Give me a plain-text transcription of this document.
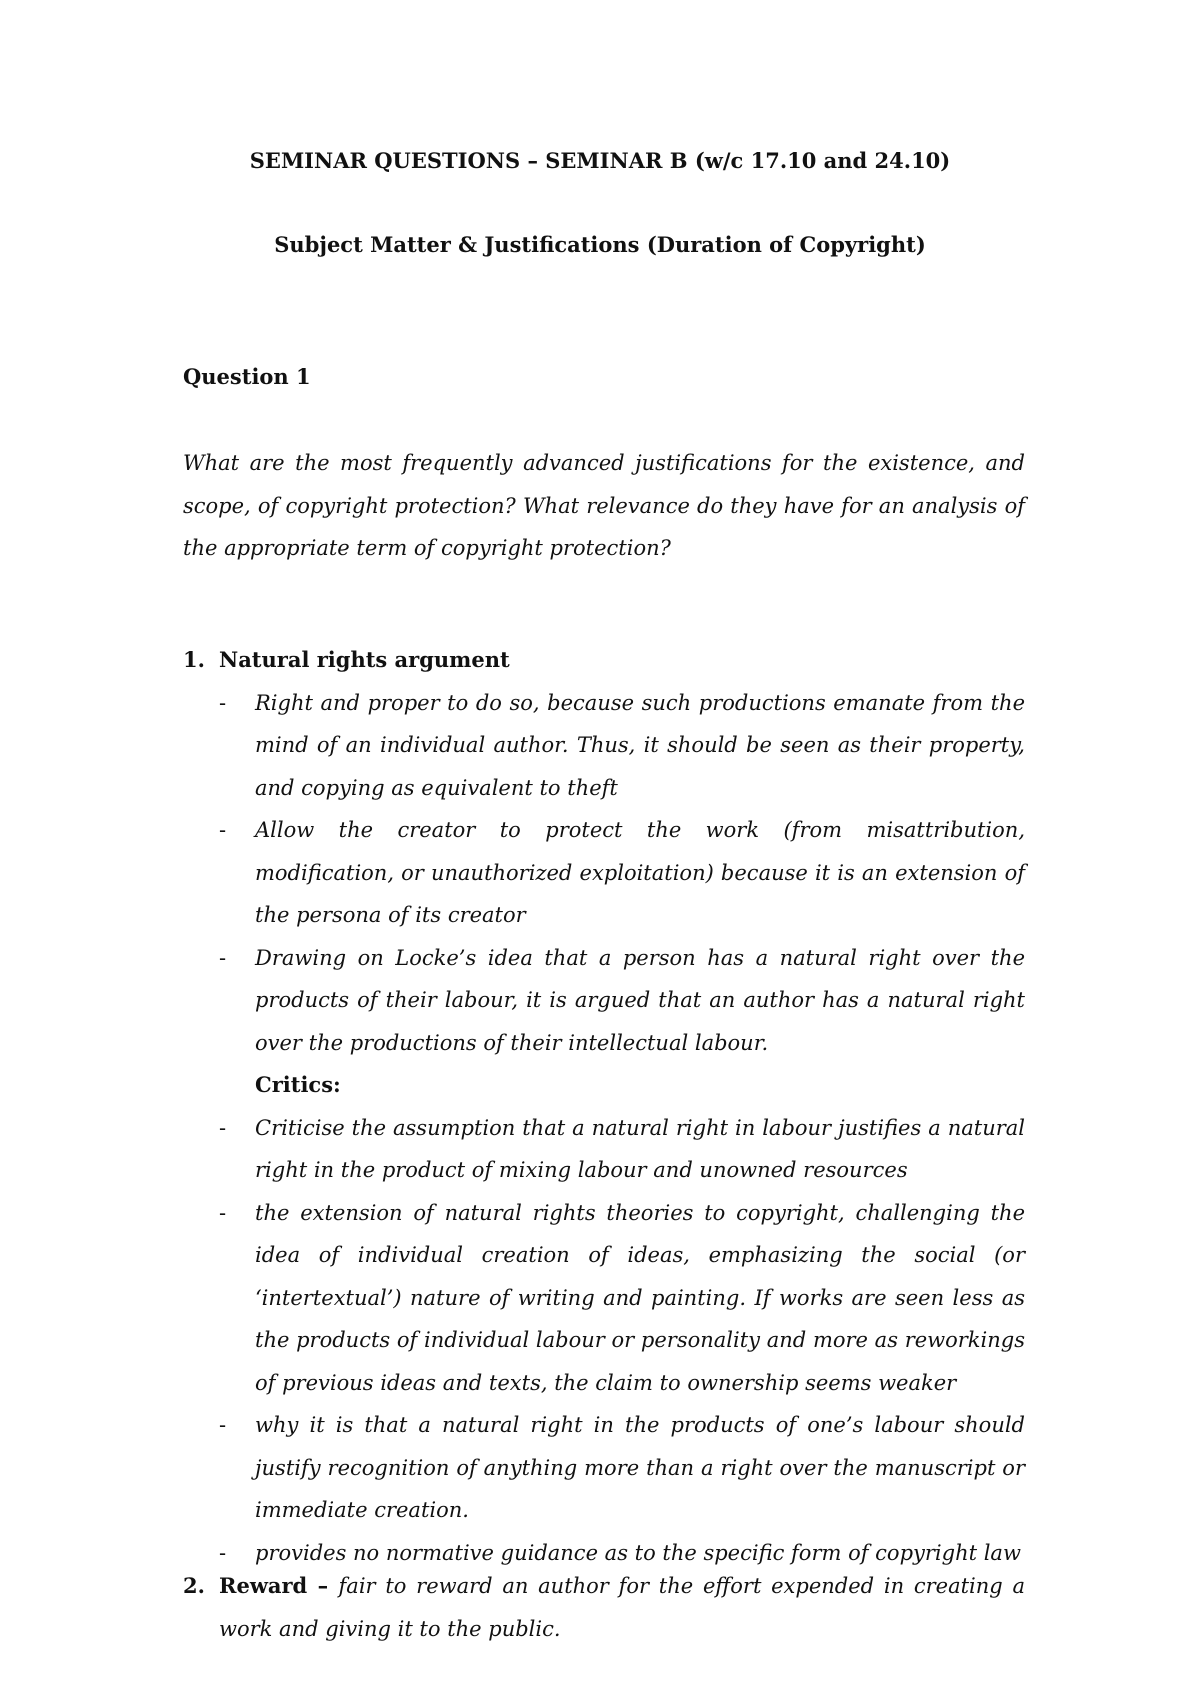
SEMINAR QUESTIONS – SEMINAR B (w/c 17.10 and 24.10)
Subject Matter & Justifications (Duration of Copyright)
Question 1
What are the most frequently advanced justifications for the existence, and scope, of copyright protection? What relevance do they have for an analysis of the appropriate term of copyright protection?
1. Natural rights argument
- Right and proper to do so, because such productions emanate from the mind of an individual author. Thus, it should be seen as their property, and copying as equivalent to theft
- Allow the creator to protect the work (from misattribution, modification, or unauthorized exploitation) because it is an extension of the persona of its creator
- Drawing on Locke’s idea that a person has a natural right over the products of their labour, it is argued that an author has a natural right over the productions of their intellectual labour.
Critics:
- Criticise the assumption that a natural right in labour justifies a natural right in the product of mixing labour and unowned resources
- the extension of natural rights theories to copyright, challenging the idea of individual creation of ideas, emphasizing the social (or ‘intertextual’) nature of writing and painting. If works are seen less as the products of individual labour or personality and more as reworkings of previous ideas and texts, the claim to ownership seems weaker
- why it is that a natural right in the products of one’s labour should justify recognition of anything more than a right over the manuscript or immediate creation.
- provides no normative guidance as to the specific form of copyright law
2. Reward – fair to reward an author for the effort expended in creating a work and giving it to the public.
